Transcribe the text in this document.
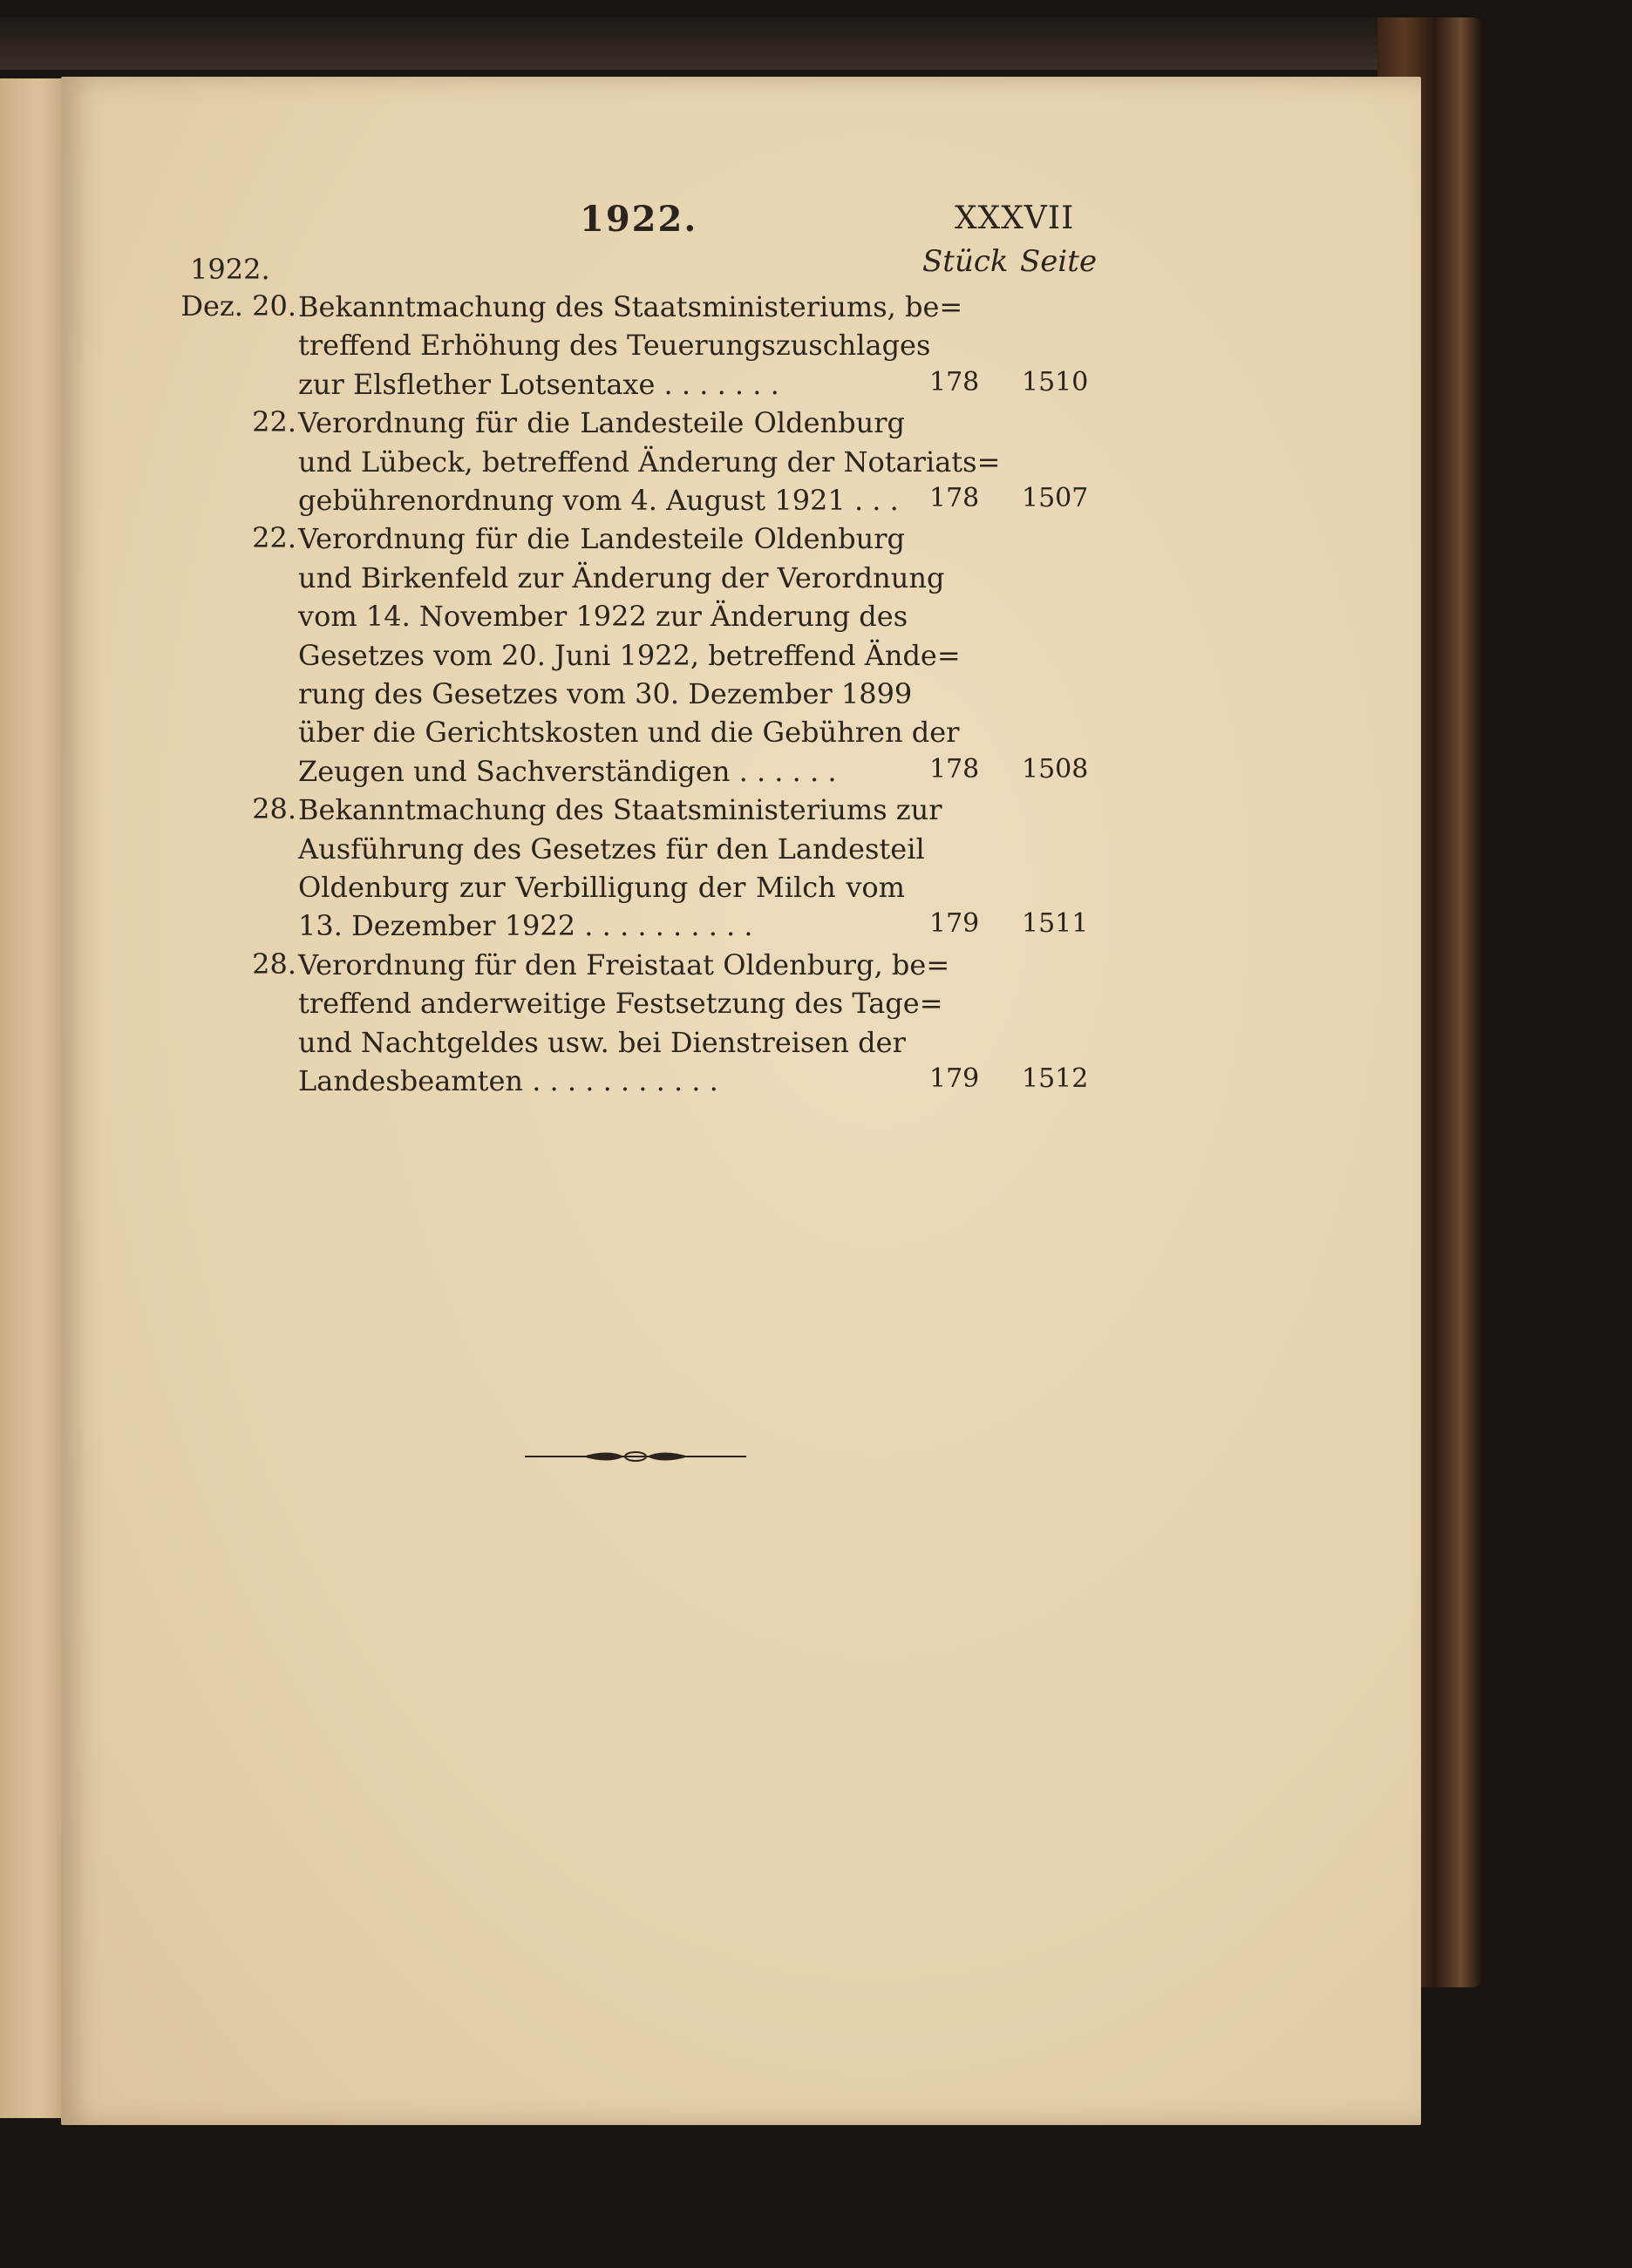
1922.	XXXVII
1922.	Stück Seite
Dez. 20. Bekanntmachung des Staatsministeriums, be=
treffend Erhöhung des Teuerungszuschlages
zur Elsflether Lotsentaxe . . . . . . .	178 1510
22. Verordnung für die Landesteile Oldenburg
und Lübeck, betreffend Änderung der Notariats=
gebührenordnung vom 4. August 1921 . . . 178 1507
22. Verordnung für die Landesteile Oldenburg
und Birkenfeld zur Änderung der Verordnung
vom 14. November 1922 zur Änderung des
Gesetzes vom 20. Juni 1922, betreffend Ände=
rung des Gesetzes vom 30. Dezember 1899
über die Gerichtskosten und die Gebühren der
Zeugen und Sachverständigen . . . . . .	178 1508
28. Bekanntmachung des Staatsministeriums zur
Ausführung des Gesetzes für den Landesteil
Oldenburg zur Verbilligung der Milch vom
13. Dezember 1922 . . . . . . . . . .	179 1511
28. Verordnung für den Freistaat Oldenburg, be=
treffend anderweitige Festsetzung des Tage=
und Nachtgeldes usw. bei Dienstreisen der
Landesbeamten . . . . . . . . . . .	179 1512
